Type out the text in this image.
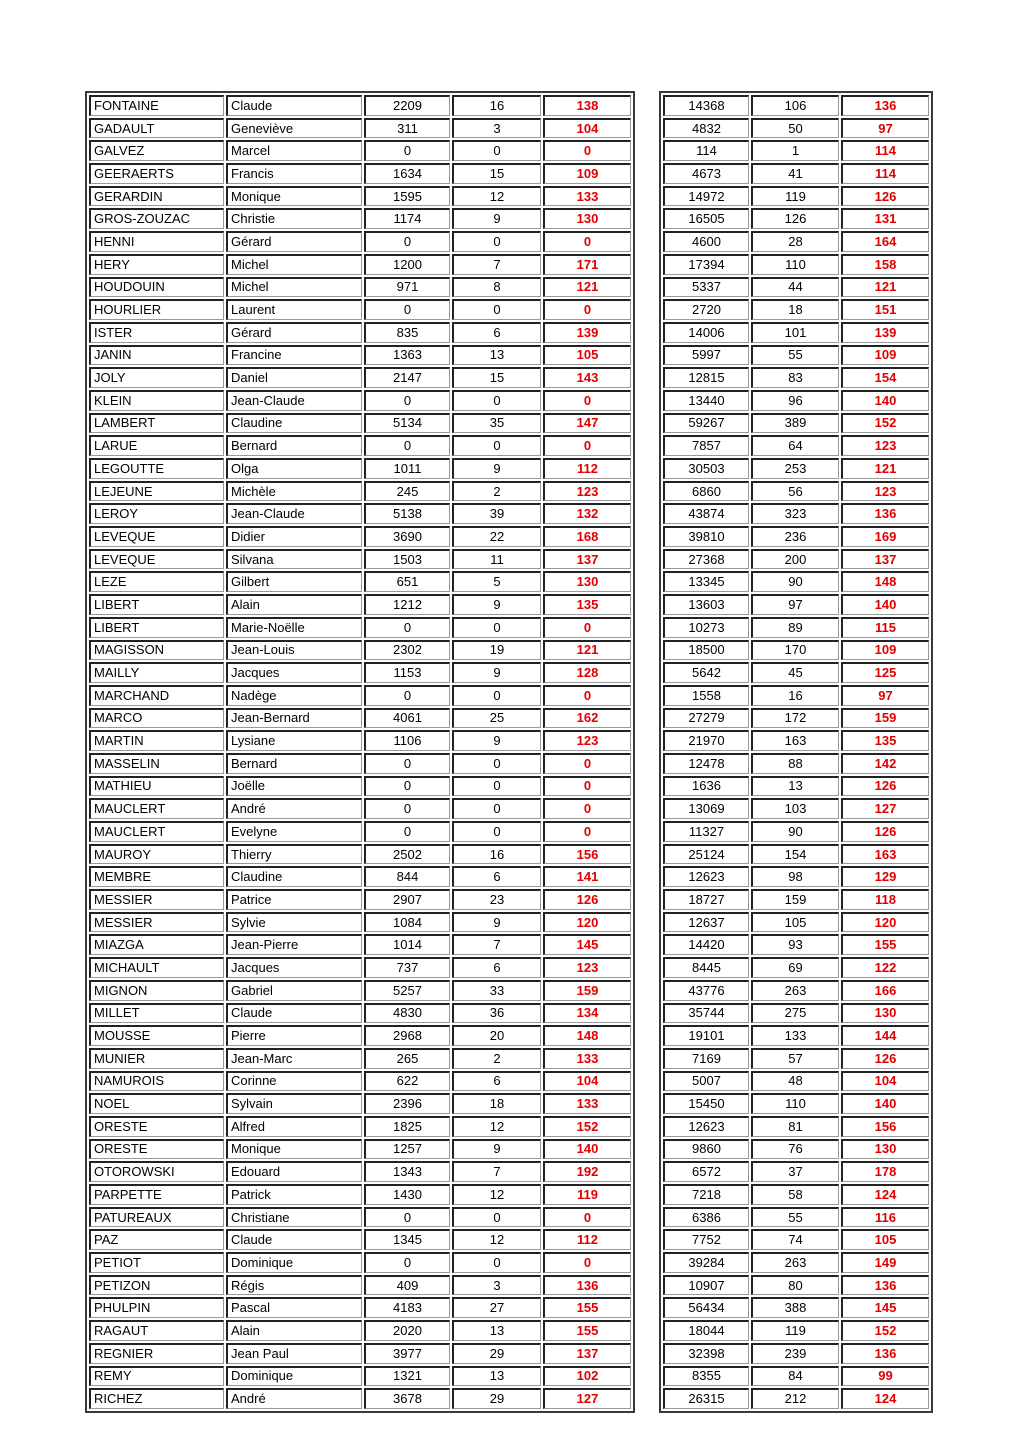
FONTAINE	Claude	2209	16	138
GADAULT	Geneviève	311	3	104
GALVEZ	Marcel	0	0	0
GEERAERTS	Francis	1634	15	109
GERARDIN	Monique	1595	12	133
GROS-ZOUZAC	Christie	1174	9	130
HENNI	Gérard	0	0	0
HERY	Michel	1200	7	171
HOUDOUIN	Michel	971	8	121
HOURLIER	Laurent	0	0	0
ISTER	Gérard	835	6	139
JANIN	Francine	1363	13	105
JOLY	Daniel	2147	15	143
KLEIN	Jean-Claude	0	0	0
LAMBERT	Claudine	5134	35	147
LARUE	Bernard	0	0	0
LEGOUTTE	Olga	1011	9	112
LEJEUNE	Michèle	245	2	123
LEROY	Jean-Claude	5138	39	132
LEVEQUE	Didier	3690	22	168
LEVEQUE	Silvana	1503	11	137
LEZE	Gilbert	651	5	130
LIBERT	Alain	1212	9	135
LIBERT	Marie-Noëlle	0	0	0
MAGISSON	Jean-Louis	2302	19	121
MAILLY	Jacques	1153	9	128
MARCHAND	Nadège	0	0	0
MARCO	Jean-Bernard	4061	25	162
MARTIN	Lysiane	1106	9	123
MASSELIN	Bernard	0	0	0
MATHIEU	Joëlle	0	0	0
MAUCLERT	André	0	0	0
MAUCLERT	Evelyne	0	0	0
MAUROY	Thierry	2502	16	156
MEMBRE	Claudine	844	6	141
MESSIER	Patrice	2907	23	126
MESSIER	Sylvie	1084	9	120
MIAZGA	Jean-Pierre	1014	7	145
MICHAULT	Jacques	737	6	123
MIGNON	Gabriel	5257	33	159
MILLET	Claude	4830	36	134
MOUSSE	Pierre	2968	20	148
MUNIER	Jean-Marc	265	2	133
NAMUROIS	Corinne	622	6	104
NOEL	Sylvain	2396	18	133
ORESTE	Alfred	1825	12	152
ORESTE	Monique	1257	9	140
OTOROWSKI	Edouard	1343	7	192
PARPETTE	Patrick	1430	12	119
PATUREAUX	Christiane	0	0	0
PAZ	Claude	1345	12	112
PETIOT	Dominique	0	0	0
PETIZON	Régis	409	3	136
PHULPIN	Pascal	4183	27	155
RAGAUT	Alain	2020	13	155
REGNIER	Jean Paul	3977	29	137
REMY	Dominique	1321	13	102
RICHEZ	André	3678	29	127
14368	106	136
4832	50	97
114	1	114
4673	41	114
14972	119	126
16505	126	131
4600	28	164
17394	110	158
5337	44	121
2720	18	151
14006	101	139
5997	55	109
12815	83	154
13440	96	140
59267	389	152
7857	64	123
30503	253	121
6860	56	123
43874	323	136
39810	236	169
27368	200	137
13345	90	148
13603	97	140
10273	89	115
18500	170	109
5642	45	125
1558	16	97
27279	172	159
21970	163	135
12478	88	142
1636	13	126
13069	103	127
11327	90	126
25124	154	163
12623	98	129
18727	159	118
12637	105	120
14420	93	155
8445	69	122
43776	263	166
35744	275	130
19101	133	144
7169	57	126
5007	48	104
15450	110	140
12623	81	156
9860	76	130
6572	37	178
7218	58	124
6386	55	116
7752	74	105
39284	263	149
10907	80	136
56434	388	145
18044	119	152
32398	239	136
8355	84	99
26315	212	124
